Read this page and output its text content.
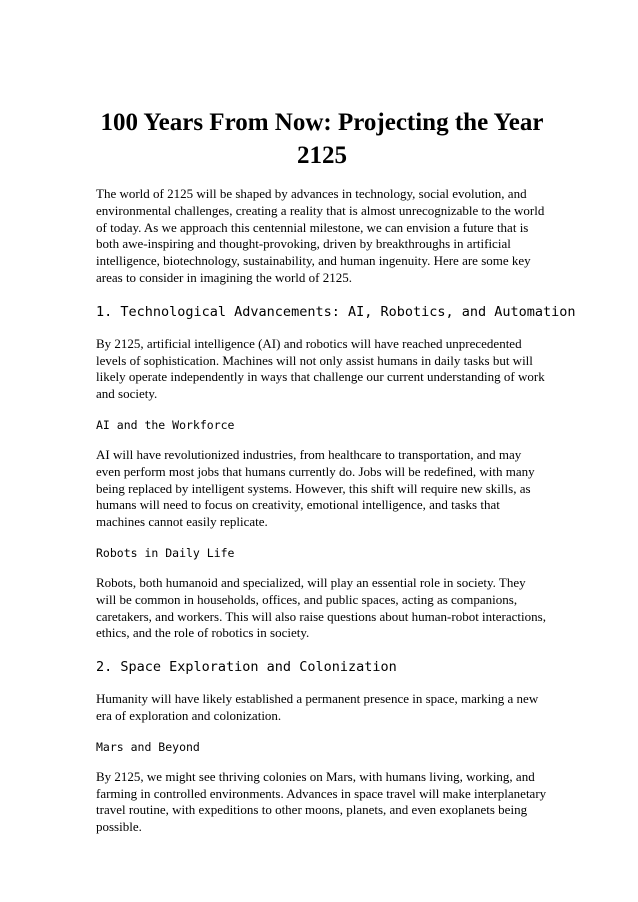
100 Years From Now: Projecting the Year 2125

The world of 2125 will be shaped by advances in technology, social evolution, and environmental challenges, creating a reality that is almost unrecognizable to the world of today. As we approach this centennial milestone, we can envision a future that is both awe-inspiring and thought-provoking, driven by breakthroughs in artificial intelligence, biotechnology, sustainability, and human ingenuity. Here are some key areas to consider in imagining the world of 2125.

1. Technological Advancements: AI, Robotics, and Automation

By 2125, artificial intelligence (AI) and robotics will have reached unprecedented levels of sophistication. Machines will not only assist humans in daily tasks but will likely operate independently in ways that challenge our current understanding of work and society.

AI and the Workforce

AI will have revolutionized industries, from healthcare to transportation, and may even perform most jobs that humans currently do. Jobs will be redefined, with many being replaced by intelligent systems. However, this shift will require new skills, as humans will need to focus on creativity, emotional intelligence, and tasks that machines cannot easily replicate.

Robots in Daily Life

Robots, both humanoid and specialized, will play an essential role in society. They will be common in households, offices, and public spaces, acting as companions, caretakers, and workers. This will also raise questions about human-robot interactions, ethics, and the role of robotics in society.

2. Space Exploration and Colonization

Humanity will have likely established a permanent presence in space, marking a new era of exploration and colonization.

Mars and Beyond

By 2125, we might see thriving colonies on Mars, with humans living, working, and farming in controlled environments. Advances in space travel will make interplanetary travel routine, with expeditions to other moons, planets, and even exoplanets being possible.
